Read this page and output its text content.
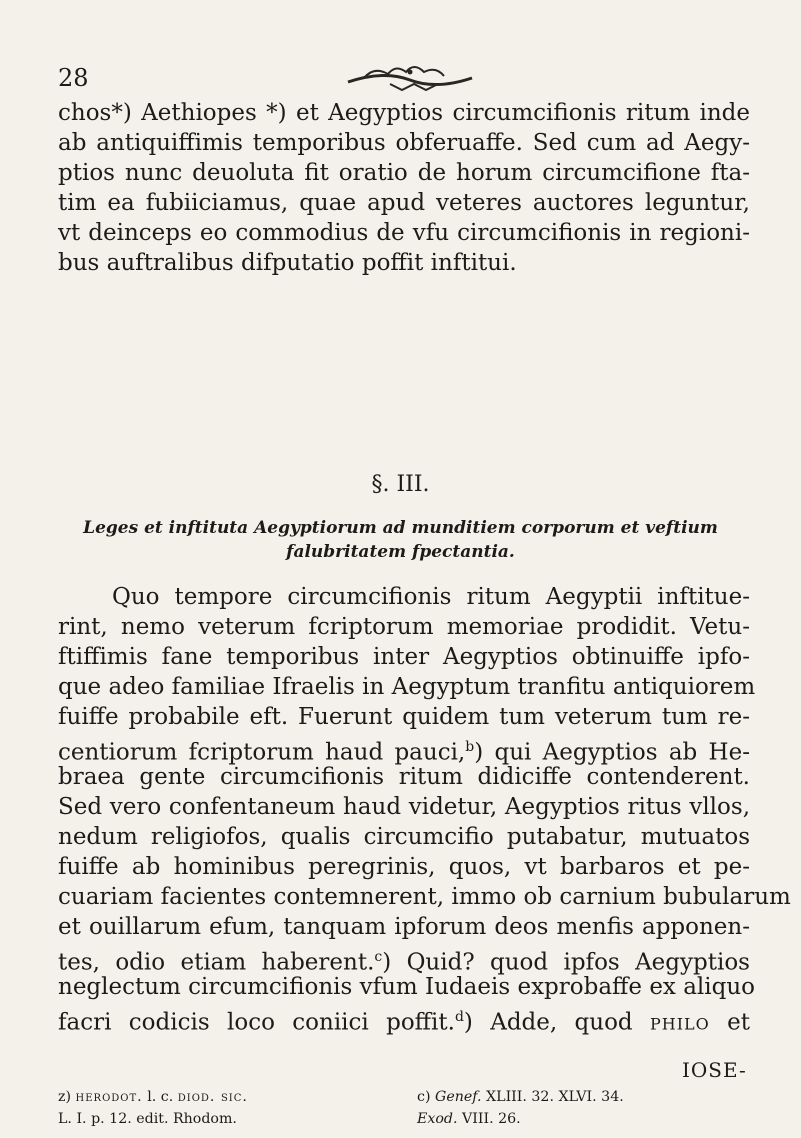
28
chos*) Aethiopes *) et Aegyptios circumcifionis ritum inde
ab antiquiffimis temporibus obferuaffe. Sed cum ad Aegy-
ptios nunc deuoluta fit oratio de horum circumcifione fta-
tim ea fubiiciamus, quae apud veteres auctores leguntur,
vt deinceps eo commodius de vfu circumcifionis in regioni-
bus auftralibus difputatio poffit inftitui.
§. III.
Leges et inftituta Aegyptiorum ad munditiem corporum et veftium
falubritatem fpectantia.
Quo tempore circumcifionis ritum Aegyptii inftitue-
rint, nemo veterum fcriptorum memoriae prodidit. Vetu-
ftiffimis fane temporibus inter Aegyptios obtinuiffe ipfo-
que adeo familiae Ifraelis in Aegyptum tranfitu antiquiorem
fuiffe probabile eft. Fuerunt quidem tum veterum tum re-
centiorum fcriptorum haud pauci,$^b$) qui Aegyptios ab He-
braea gente circumcifionis ritum didiciffe contenderent.
Sed vero confentaneum haud videtur, Aegyptios ritus vllos,
nedum religiofos, qualis circumcifio putabatur, mutuatos
fuiffe ab hominibus peregrinis, quos, vt barbaros et pe-
cuariam facientes contemnerent, immo ob carnium bubularum
et ouillarum efum, tanquam ipforum deos menfis apponen-
tes, odio etiam haberent.$^c$) Quid? quod ipfos Aegyptios
neglectum circumcifionis vfum Iudaeis exprobaffe ex aliquo
facri codicis loco coniici poffit.$^d$) Adde, quod philo et
IOSE-
z) herodot. l. c. diod. sic.
L. I. p. 12. edit. Rhodom.
c) Genef. XLIII. 32. XLVI. 34.
Exod. VIII. 26.
